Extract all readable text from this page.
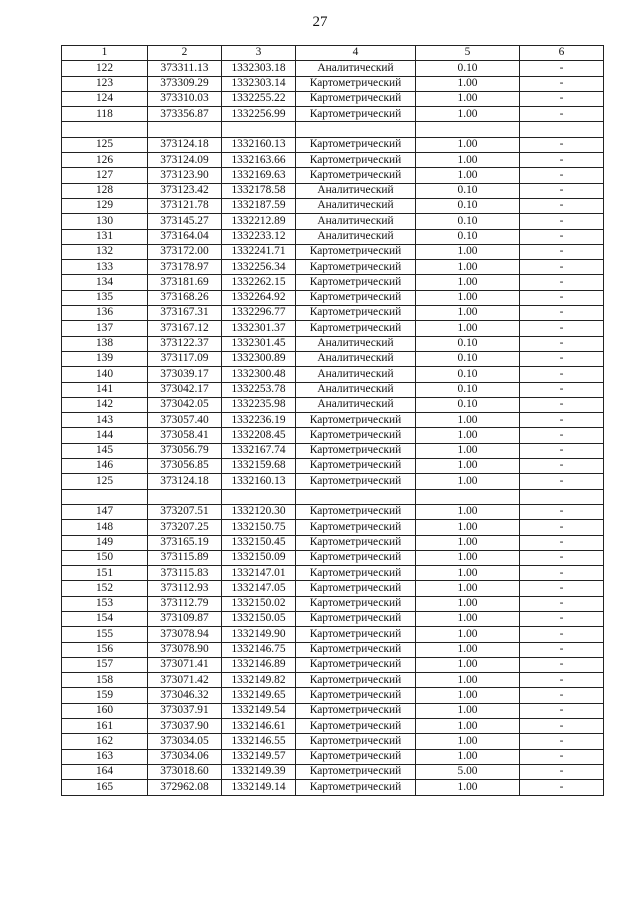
27
1	2	3	4	5	6
122	373311.13	1332303.18	Аналитический	0.10	-
123	373309.29	1332303.14	Картометрический	1.00	-
124	373310.03	1332255.22	Картометрический	1.00	-
118	373356.87	1332256.99	Картометрический	1.00	-

125	373124.18	1332160.13	Картометрический	1.00	-
126	373124.09	1332163.66	Картометрический	1.00	-
127	373123.90	1332169.63	Картометрический	1.00	-
128	373123.42	1332178.58	Аналитический	0.10	-
129	373121.78	1332187.59	Аналитический	0.10	-
130	373145.27	1332212.89	Аналитический	0.10	-
131	373164.04	1332233.12	Аналитический	0.10	-
132	373172.00	1332241.71	Картометрический	1.00	-
133	373178.97	1332256.34	Картометрический	1.00	-
134	373181.69	1332262.15	Картометрический	1.00	-
135	373168.26	1332264.92	Картометрический	1.00	-
136	373167.31	1332296.77	Картометрический	1.00	-
137	373167.12	1332301.37	Картометрический	1.00	-
138	373122.37	1332301.45	Аналитический	0.10	-
139	373117.09	1332300.89	Аналитический	0.10	-
140	373039.17	1332300.48	Аналитический	0.10	-
141	373042.17	1332253.78	Аналитический	0.10	-
142	373042.05	1332235.98	Аналитический	0.10	-
143	373057.40	1332236.19	Картометрический	1.00	-
144	373058.41	1332208.45	Картометрический	1.00	-
145	373056.79	1332167.74	Картометрический	1.00	-
146	373056.85	1332159.68	Картометрический	1.00	-
125	373124.18	1332160.13	Картометрический	1.00	-

147	373207.51	1332120.30	Картометрический	1.00	-
148	373207.25	1332150.75	Картометрический	1.00	-
149	373165.19	1332150.45	Картометрический	1.00	-
150	373115.89	1332150.09	Картометрический	1.00	-
151	373115.83	1332147.01	Картометрический	1.00	-
152	373112.93	1332147.05	Картометрический	1.00	-
153	373112.79	1332150.02	Картометрический	1.00	-
154	373109.87	1332150.05	Картометрический	1.00	-
155	373078.94	1332149.90	Картометрический	1.00	-
156	373078.90	1332146.75	Картометрический	1.00	-
157	373071.41	1332146.89	Картометрический	1.00	-
158	373071.42	1332149.82	Картометрический	1.00	-
159	373046.32	1332149.65	Картометрический	1.00	-
160	373037.91	1332149.54	Картометрический	1.00	-
161	373037.90	1332146.61	Картометрический	1.00	-
162	373034.05	1332146.55	Картометрический	1.00	-
163	373034.06	1332149.57	Картометрический	1.00	-
164	373018.60	1332149.39	Картометрический	5.00	-
165	372962.08	1332149.14	Картометрический	1.00	-
